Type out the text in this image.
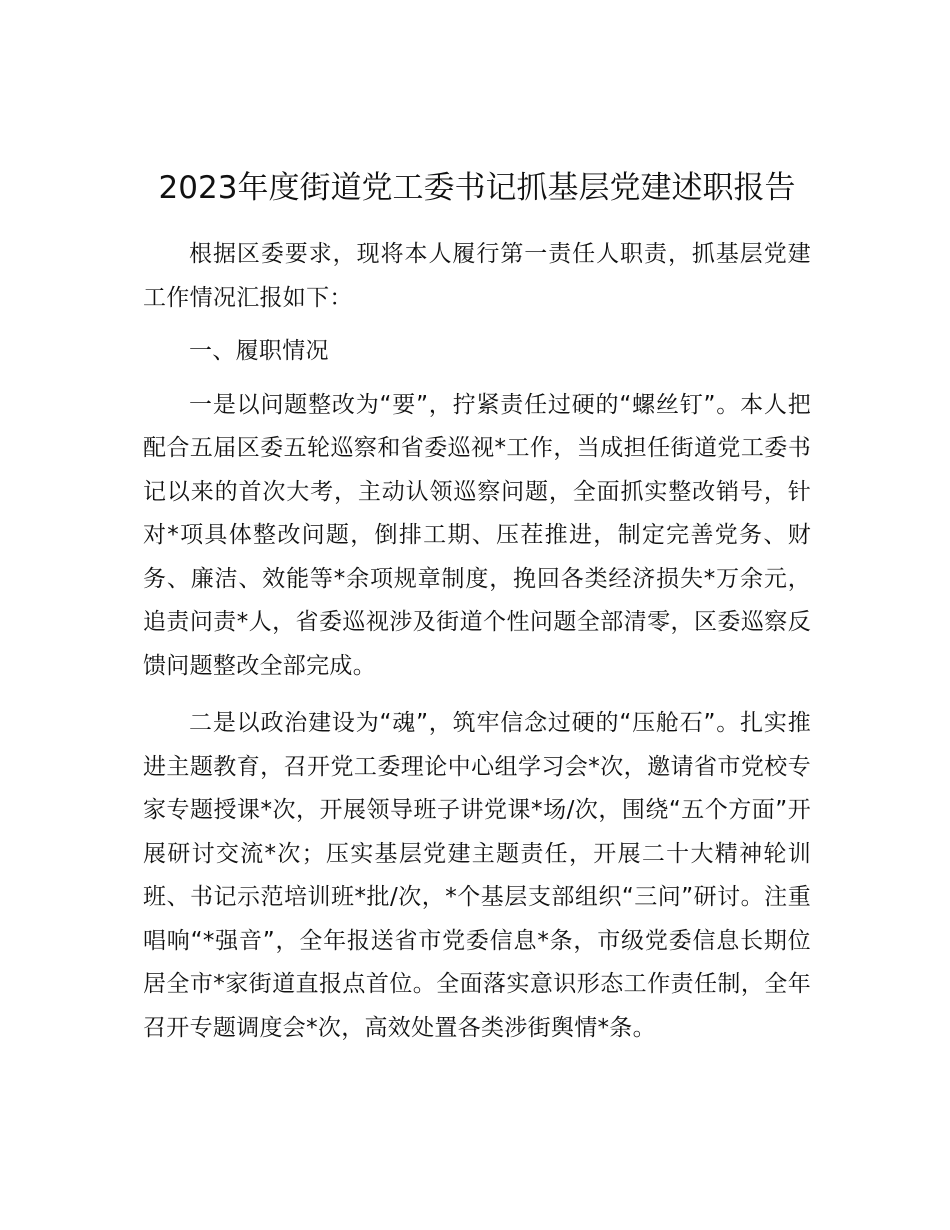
2023年度街道党工委书记抓基层党建述职报告

根据区委要求，现将本人履行第一责任人职责，抓基层党建工作情况汇报如下：

一、履职情况

一是以问题整改为“要”，拧紧责任过硬的“螺丝钉”。本人把配合五届区委五轮巡察和省委巡视*工作，当成担任街道党工委书记以来的首次大考，主动认领巡察问题，全面抓实整改销号，针对*项具体整改问题，倒排工期、压茬推进，制定完善党务、财务、廉洁、效能等*余项规章制度，挽回各类经济损失*万余元，追责问责*人，省委巡视涉及街道个性问题全部清零，区委巡察反馈问题整改全部完成。

二是以政治建设为“魂”，筑牢信念过硬的“压舱石”。扎实推进主题教育，召开党工委理论中心组学习会*次，邀请省市党校专家专题授课*次，开展领导班子讲党课*场/次，围绕“五个方面”开展研讨交流*次；压实基层党建主题责任，开展二十大精神轮训班、书记示范培训班*批/次，*个基层支部组织“三问”研讨。注重唱响“*强音”，全年报送省市党委信息*条，市级党委信息长期位居全市*家街道直报点首位。全面落实意识形态工作责任制，全年召开专题调度会*次，高效处置各类涉街舆情*条。
